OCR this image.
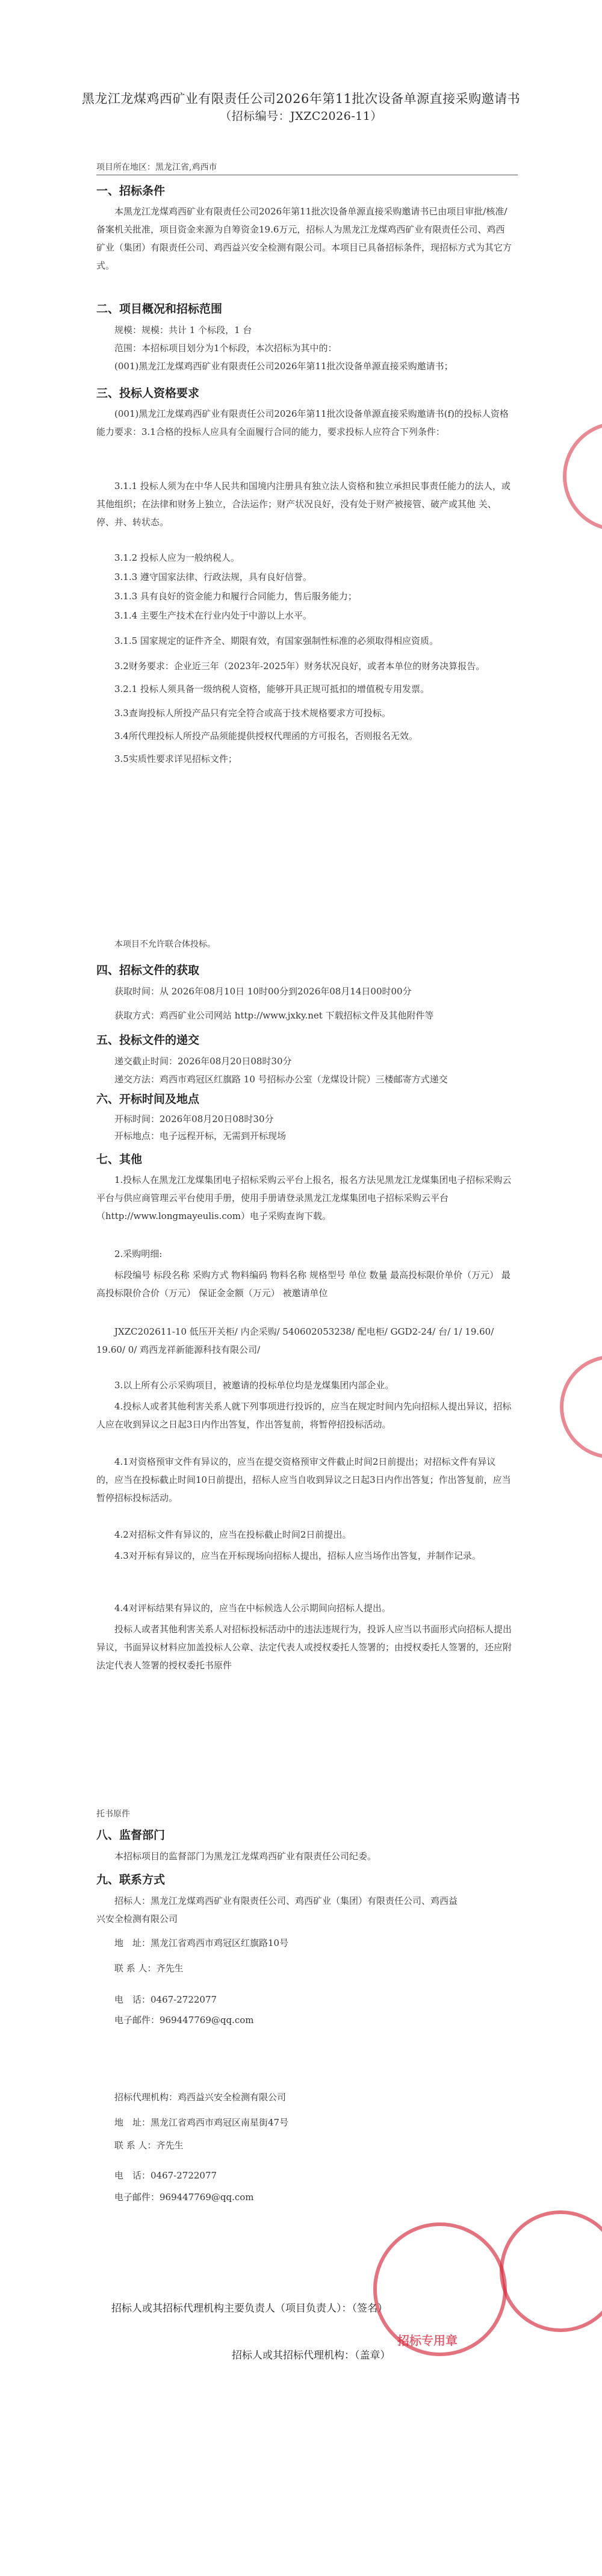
黑龙江龙煤鸡西矿业有限责任公司2026年第11批次设备单源直接采购邀请书
（招标编号：JXZC2026-11）
项目所在地区：黑龙江省,鸡西市
一、招标条件
本黑龙江龙煤鸡西矿业有限责任公司2026年第11批次设备单源直接采购邀请书已由项目审批/核准/备案机关批准，项目资金来源为自筹资金19.6万元，招标人为黑龙江龙煤鸡西矿业有限责任公司、鸡西矿业（集团）有限责任公司、鸡西益兴安全检测有限公司。本项目已具备招标条件，现招标方式为其它方式。
二、项目概况和招标范围
规模：规模：共计 1 个标段，1 台
范围：本招标项目划分为1个标段，本次招标为其中的：
(001)黑龙江龙煤鸡西矿业有限责任公司2026年第11批次设备单源直接采购邀请书；
三、投标人资格要求
(001)黑龙江龙煤鸡西矿业有限责任公司2026年第11批次设备单源直接采购邀请书(f)的投标人资格能力要求：3.1合格的投标人应具有全面履行合同的能力，要求投标人应符合下列条件：
3.1.1 投标人须为在中华人民共和国境内注册具有独立法人资格和独立承担民事责任能力的法人，或其他组织；在法律和财务上独立，合法运作；财产状况良好，没有处于财产被接管、破产或其他 关、停、并、转状态。
3.1.2 投标人应为一般纳税人。
3.1.3 遵守国家法律、行政法规，具有良好信誉。
3.1.3 具有良好的资金能力和履行合同能力，售后服务能力；
3.1.4 主要生产技术在行业内处于中游以上水平。
3.1.5 国家规定的证件齐全、期限有效，有国家强制性标准的必须取得相应资质。
3.2财务要求：企业近三年（2023年-2025年）财务状况良好，或者本单位的财务决算报告。
3.2.1 投标人须具备一级纳税人资格，能够开具正规可抵扣的增值税专用发票。
3.3查询投标人所投产品只有完全符合或高于技术规格要求方可投标。
3.4所代理投标人所投产品须能提供授权代理函的方可报名，否则报名无效。
3.5实质性要求详见招标文件；
本项目不允许联合体投标。
四、招标文件的获取
获取时间：从 2026年08月10日 10时00分到2026年08月14日00时00分
获取方式：鸡西矿业公司网站 http://www.jxky.net 下载招标文件及其他附件等
五、投标文件的递交
递交截止时间：2026年08月20日08时30分
递交方法：鸡西市鸡冠区红旗路 10 号招标办公室（龙煤设计院）三楼邮寄方式递交
六、开标时间及地点
开标时间：2026年08月20日08时30分
开标地点：电子远程开标，无需到开标现场
七、其他
1.投标人在黑龙江龙煤集团电子招标采购云平台上报名，报名方法见黑龙江龙煤集团电子招标采购云平台与供应商管理云平台使用手册，使用手册请登录黑龙江龙煤集团电子招标采购云平台（http://www.longmayeulis.com）电子采购查询下载。
2.采购明细:
标段编号 标段名称 采购方式 物料编码 物料名称 规格型号 单位 数量 最高投标限价单价（万元） 最高投标限价合价（万元） 保证金金额（万元） 被邀请单位
JXZC202611-10 低压开关柜/ 内企采购/ 540602053238/ 配电柜/ GGD2-24/ 台/ 1/ 19.60/ 19.60/ 0/ 鸡西龙祥新能源科技有限公司/
3.以上所有公示采购项目，被邀请的投标单位均是龙煤集团内部企业。
4.投标人或者其他利害关系人就下列事项进行投诉的，应当在规定时间内先向招标人提出异议，招标人应在收到异议之日起3日内作出答复，作出答复前，将暂停招投标活动。
4.1对资格预审文件有异议的，应当在提交资格预审文件截止时间2日前提出；对招标文件有异议的，应当在投标截止时间10日前提出，招标人应当自收到异议之日起3日内作出答复；作出答复前，应当暂停招标投标活动。
4.2对招标文件有异议的，应当在投标截止时间2日前提出。
4.3对开标有异议的，应当在开标现场向招标人提出，招标人应当场作出答复，并制作记录。
4.4对评标结果有异议的，应当在中标候选人公示期间向招标人提出。
投标人或者其他利害关系人对招标投标活动中的违法违规行为，投诉人应当以书面形式向招标人提出异议，书面异议材料应加盖投标人公章、法定代表人或授权委托人签署的；由授权委托人签署的，还应附法定代表人签署的授权委托书原件
托书原件
八、监督部门
本招标项目的监督部门为黑龙江龙煤鸡西矿业有限责任公司纪委。
九、联系方式
招标人：黑龙江龙煤鸡西矿业有限责任公司、鸡西矿业（集团）有限责任公司、鸡西益
兴安全检测有限公司
地　址：黑龙江省鸡西市鸡冠区红旗路10号
联 系 人：齐先生
电　话：0467-2722077
电子邮件：969447769@qq.com
招标代理机构：鸡西益兴安全检测有限公司
地　址：黑龙江省鸡西市鸡冠区南星街47号
联 系 人：齐先生
电　话：0467-2722077
电子邮件：969447769@qq.com
招标人或其招标代理机构主要负责人（项目负责人）：（签名）
招标人或其招标代理机构：（盖章）
招标专用章
